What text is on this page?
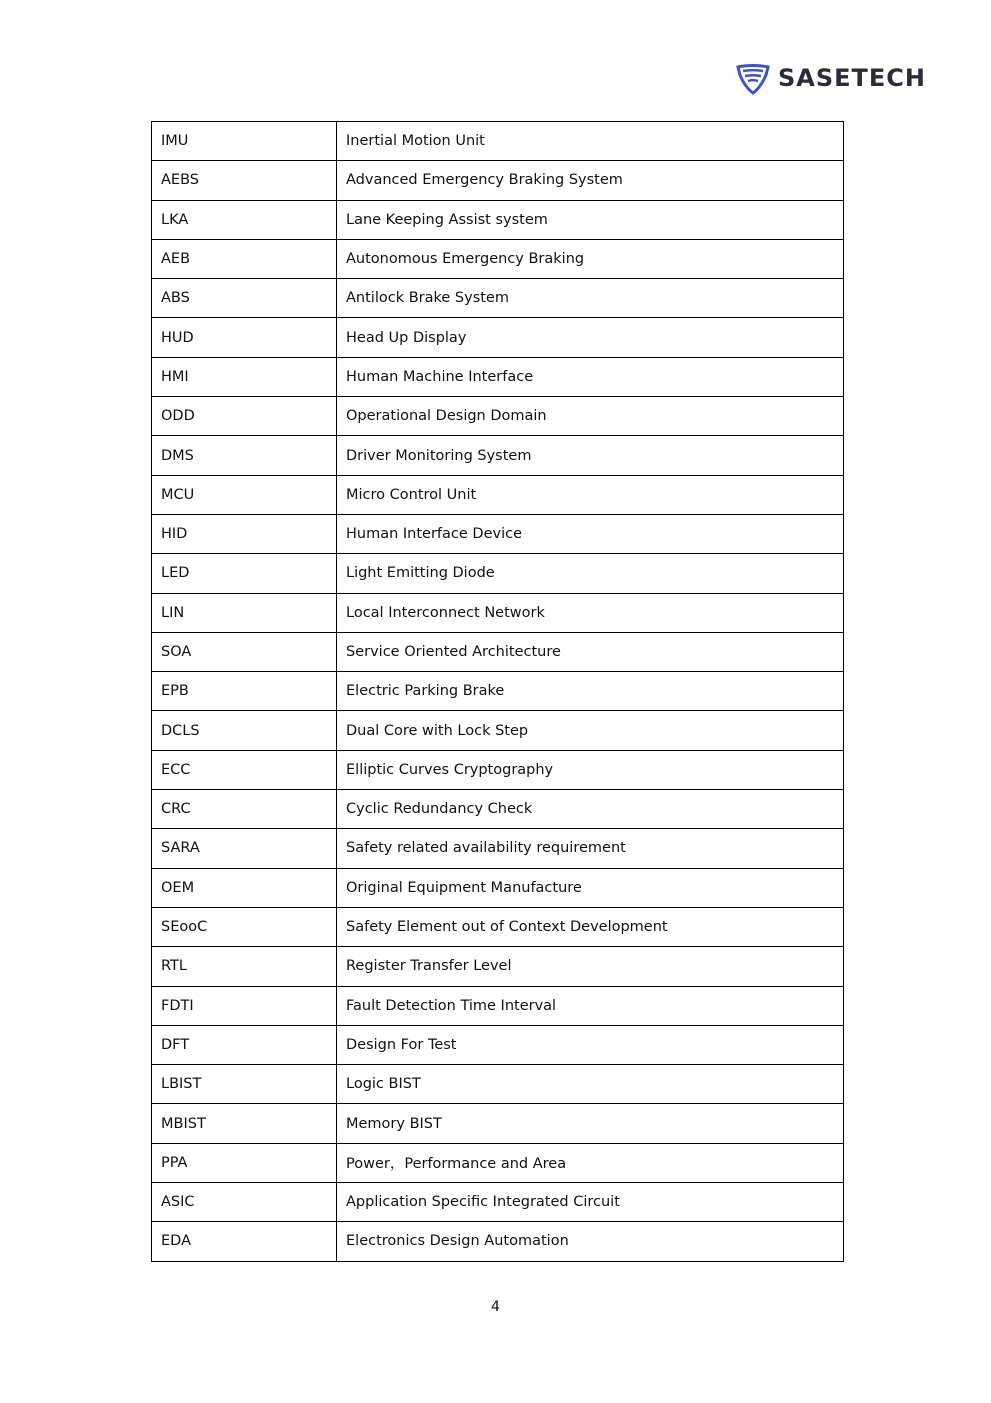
SASETECH
IMU	Inertial Motion Unit
AEBS	Advanced Emergency Braking System
LKA	Lane Keeping Assist system
AEB	Autonomous Emergency Braking
ABS	Antilock Brake System
HUD	Head Up Display
HMI	Human Machine Interface
ODD	Operational Design Domain
DMS	Driver Monitoring System
MCU	Micro Control Unit
HID	Human Interface Device
LED	Light Emitting Diode
LIN	Local Interconnect Network
SOA	Service Oriented Architecture
EPB	Electric Parking Brake
DCLS	Dual Core with Lock Step
ECC	Elliptic Curves Cryptography
CRC	Cyclic Redundancy Check
SARA	Safety related availability requirement
OEM	Original Equipment Manufacture
SEooC	Safety Element out of Context Development
RTL	Register Transfer Level
FDTI	Fault Detection Time Interval
DFT	Design For Test
LBIST	Logic BIST
MBIST	Memory BIST
PPA	Power，Performance and Area
ASIC	Application Specific Integrated Circuit
EDA	Electronics Design Automation
4
